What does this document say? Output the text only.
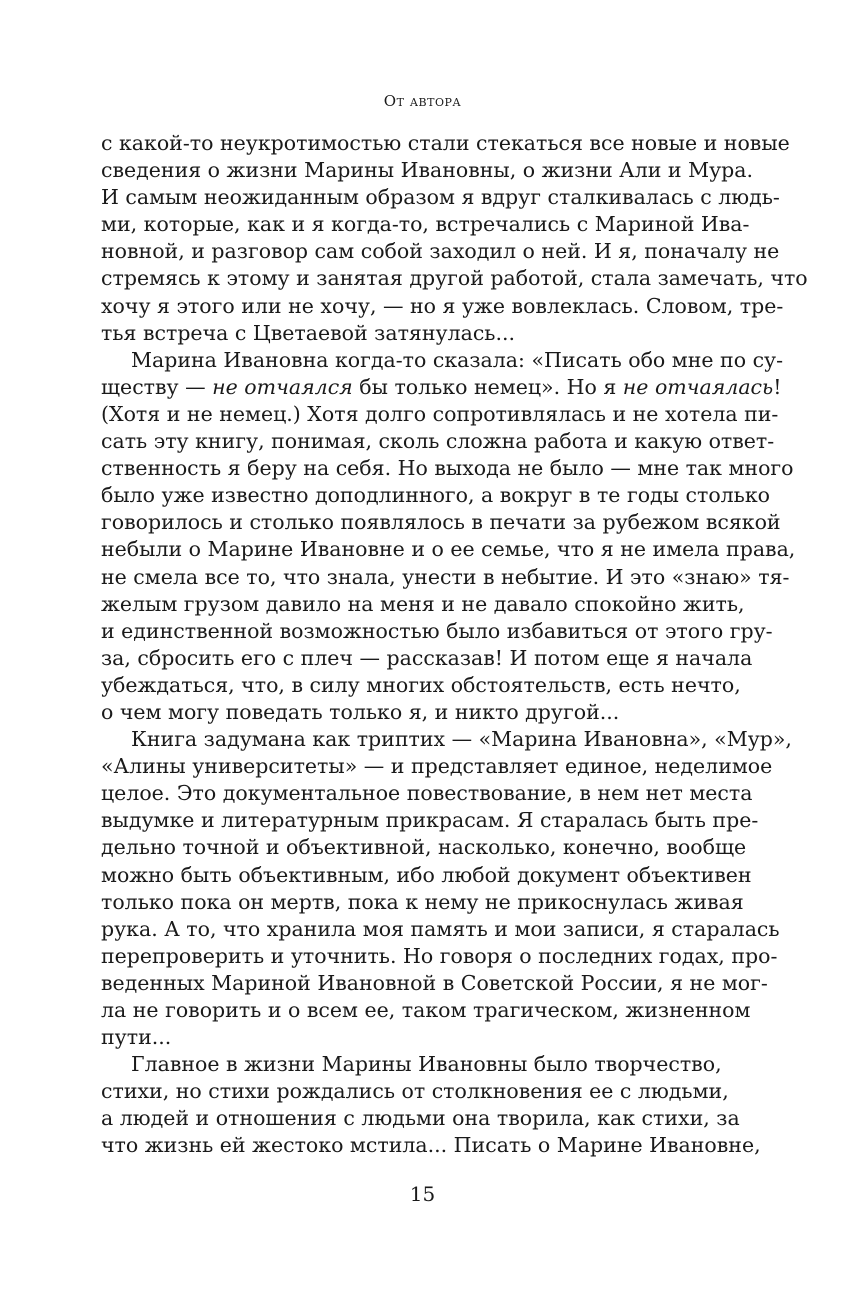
От автора
с какой-то неукротимостью стали стекаться все новые и новые
сведения о жизни Марины Ивановны, о жизни Али и Мура.
И самым неожиданным образом я вдруг сталкивалась с людь-
ми, которые, как и я когда-то, встречались с Мариной Ива-
новной, и разговор сам собой заходил о ней. И я, поначалу не
стремясь к этому и занятая другой работой, стала замечать, что
хочу я этого или не хочу, — но я уже вовлеклась. Словом, тре-
тья встреча с Цветаевой затянулась...
Марина Ивановна когда-то сказала: «Писать обо мне по су-
ществу — не отчаялся бы только немец». Но я не отчаялась!
(Хотя и не немец.) Хотя долго сопротивлялась и не хотела пи-
сать эту книгу, понимая, сколь сложна работа и какую ответ-
ственность я беру на себя. Но выхода не было — мне так много
было уже известно доподлинного, а вокруг в те годы столько
говорилось и столько появлялось в печати за рубежом всякой
небыли о Марине Ивановне и о ее семье, что я не имела права,
не смела все то, что знала, унести в небытие. И это «знаю» тя-
желым грузом давило на меня и не давало спокойно жить,
и единственной возможностью было избавиться от этого гру-
за, сбросить его с плеч — рассказав! И потом еще я начала
убеждаться, что, в силу многих обстоятельств, есть нечто,
о чем могу поведать только я, и никто другой...
Книга задумана как триптих — «Марина Ивановна», «Мур»,
«Алины университеты» — и представляет единое, неделимое
целое. Это документальное повествование, в нем нет места
выдумке и литературным прикрасам. Я старалась быть пре-
дельно точной и объективной, насколько, конечно, вообще
можно быть объективным, ибо любой документ объективен
только пока он мертв, пока к нему не прикоснулась живая
рука. А то, что хранила моя память и мои записи, я старалась
перепроверить и уточнить. Но говоря о последних годах, про-
веденных Мариной Ивановной в Советской России, я не мог-
ла не говорить и о всем ее, таком трагическом, жизненном
пути...
Главное в жизни Марины Ивановны было творчество,
стихи, но стихи рождались от столкновения ее с людьми,
а людей и отношения с людьми она творила, как стихи, за
что жизнь ей жестоко мстила... Писать о Марине Ивановне,
15
